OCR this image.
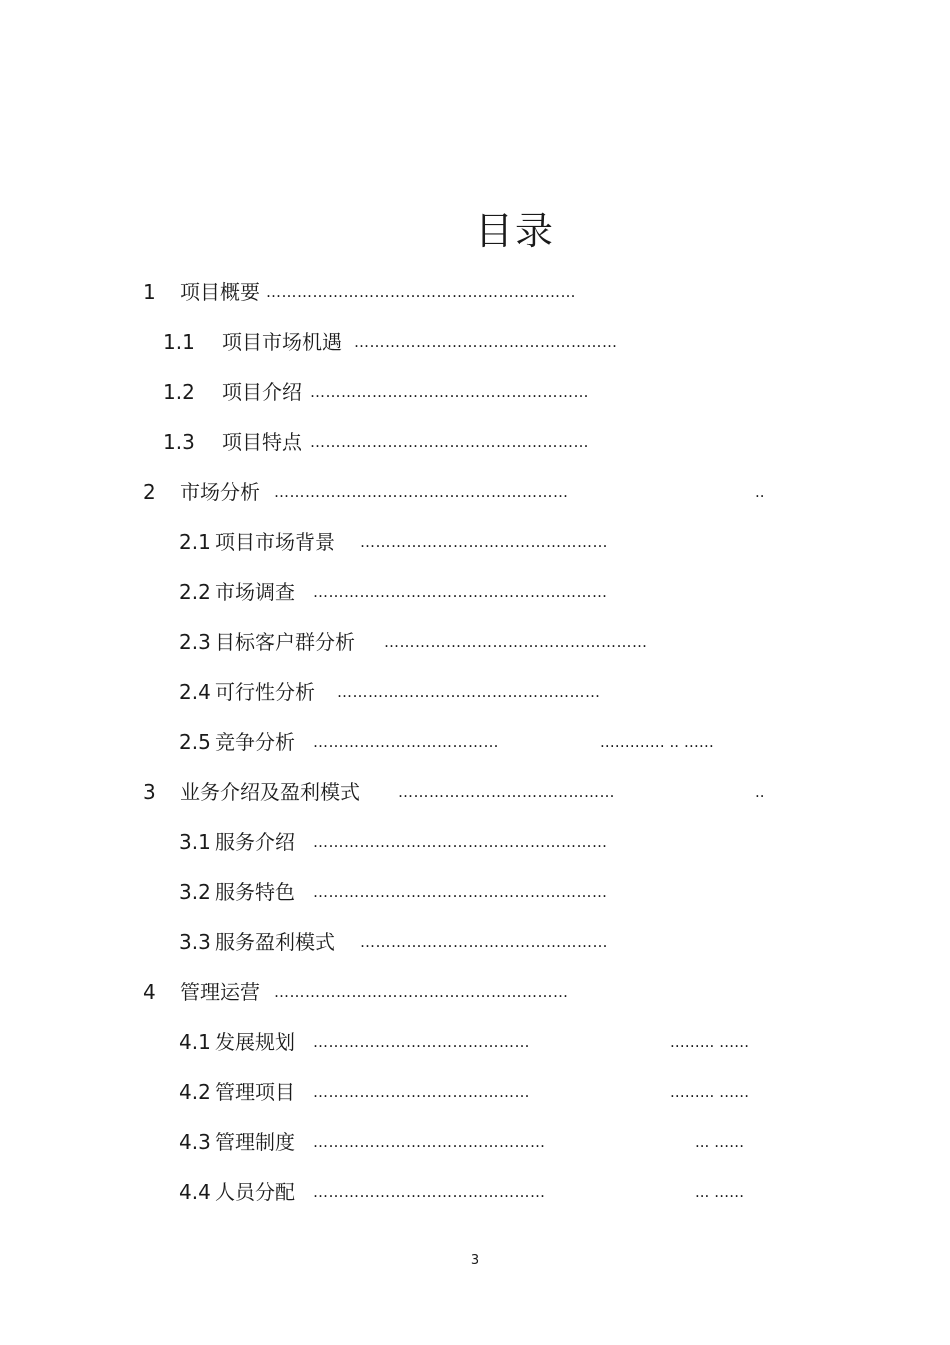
目录
1 项目概要 ……………………………………………………
1.1 项目市场机遇 ……………………………………………
1.2 项目介绍 ………………………………………………
1.3 项目特点 ………………………………………………
2 市场分析 …………………………………………………	..
2.1 项目市场背景 …………………………………………
2.2 市场调查 …………………………………………………
2.3 目标客户群分析 ……………………………………………
2.4 可行性分析 ……………………………………………
2.5 竞争分析 ………………………………	.………… .. ……
3 业务介绍及盈利模式	……………………………………	..
3.1 服务介绍 …………………………………………………
3.2 服务特色 …………………………………………………
3.3 服务盈利模式 …………………………………………
4 管理运营 …………………………………………………
4.1 发展规划 ……………………………………	.…….. ……
4.2 管理项目 ……………………………………	.…….. ……
4.3 管理制度 ………………………………………	... ……
4.4 人员分配 ………………………………………	... ……
3
